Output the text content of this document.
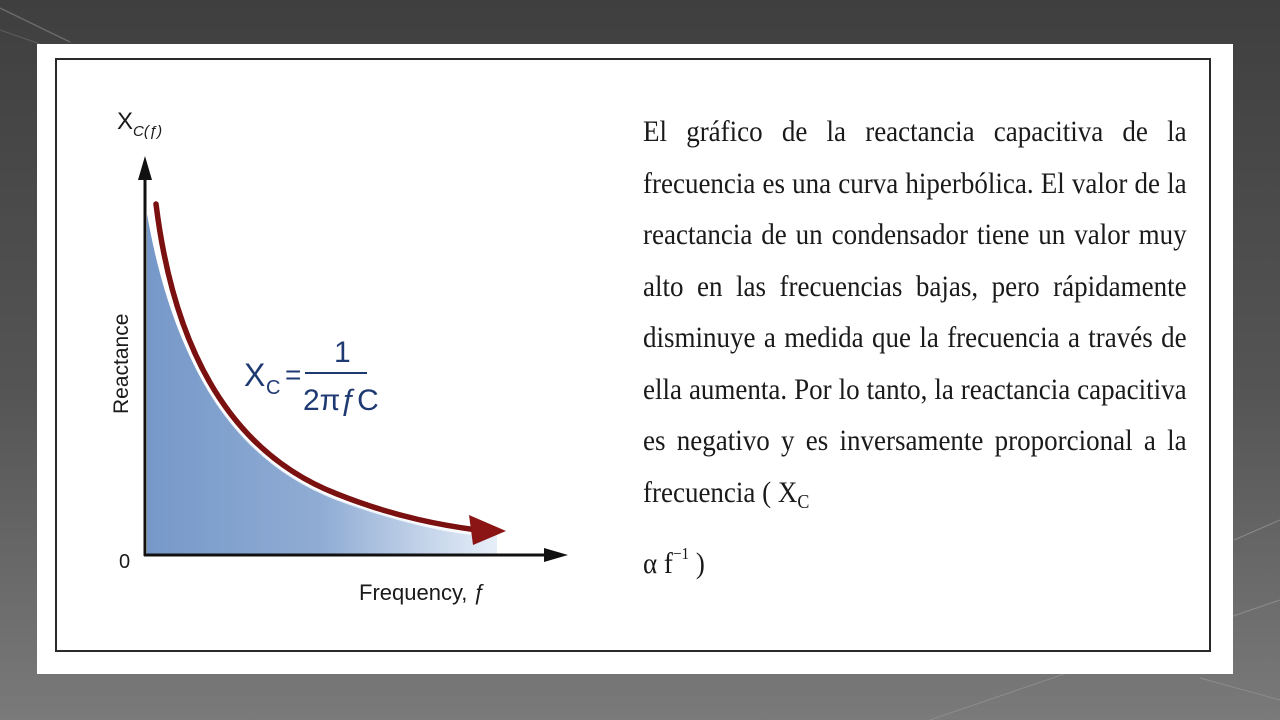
X C(ƒ)
Reactance
0
Frequency, ƒ
X C =
1
2πƒC
El gráfico de la reactancia capacitiva de la frecuencia es una curva hiperbólica. El valor de la reactancia de un condensador tiene un valor muy alto en las frecuencias bajas, pero rápidamente disminuye a medida que la frecuencia a través de ella aumenta. Por lo tanto, la reactancia capacitiva es negativo y es inversamente proporcional a la frecuencia ( $X_C$
α $f^{-1}$ )
